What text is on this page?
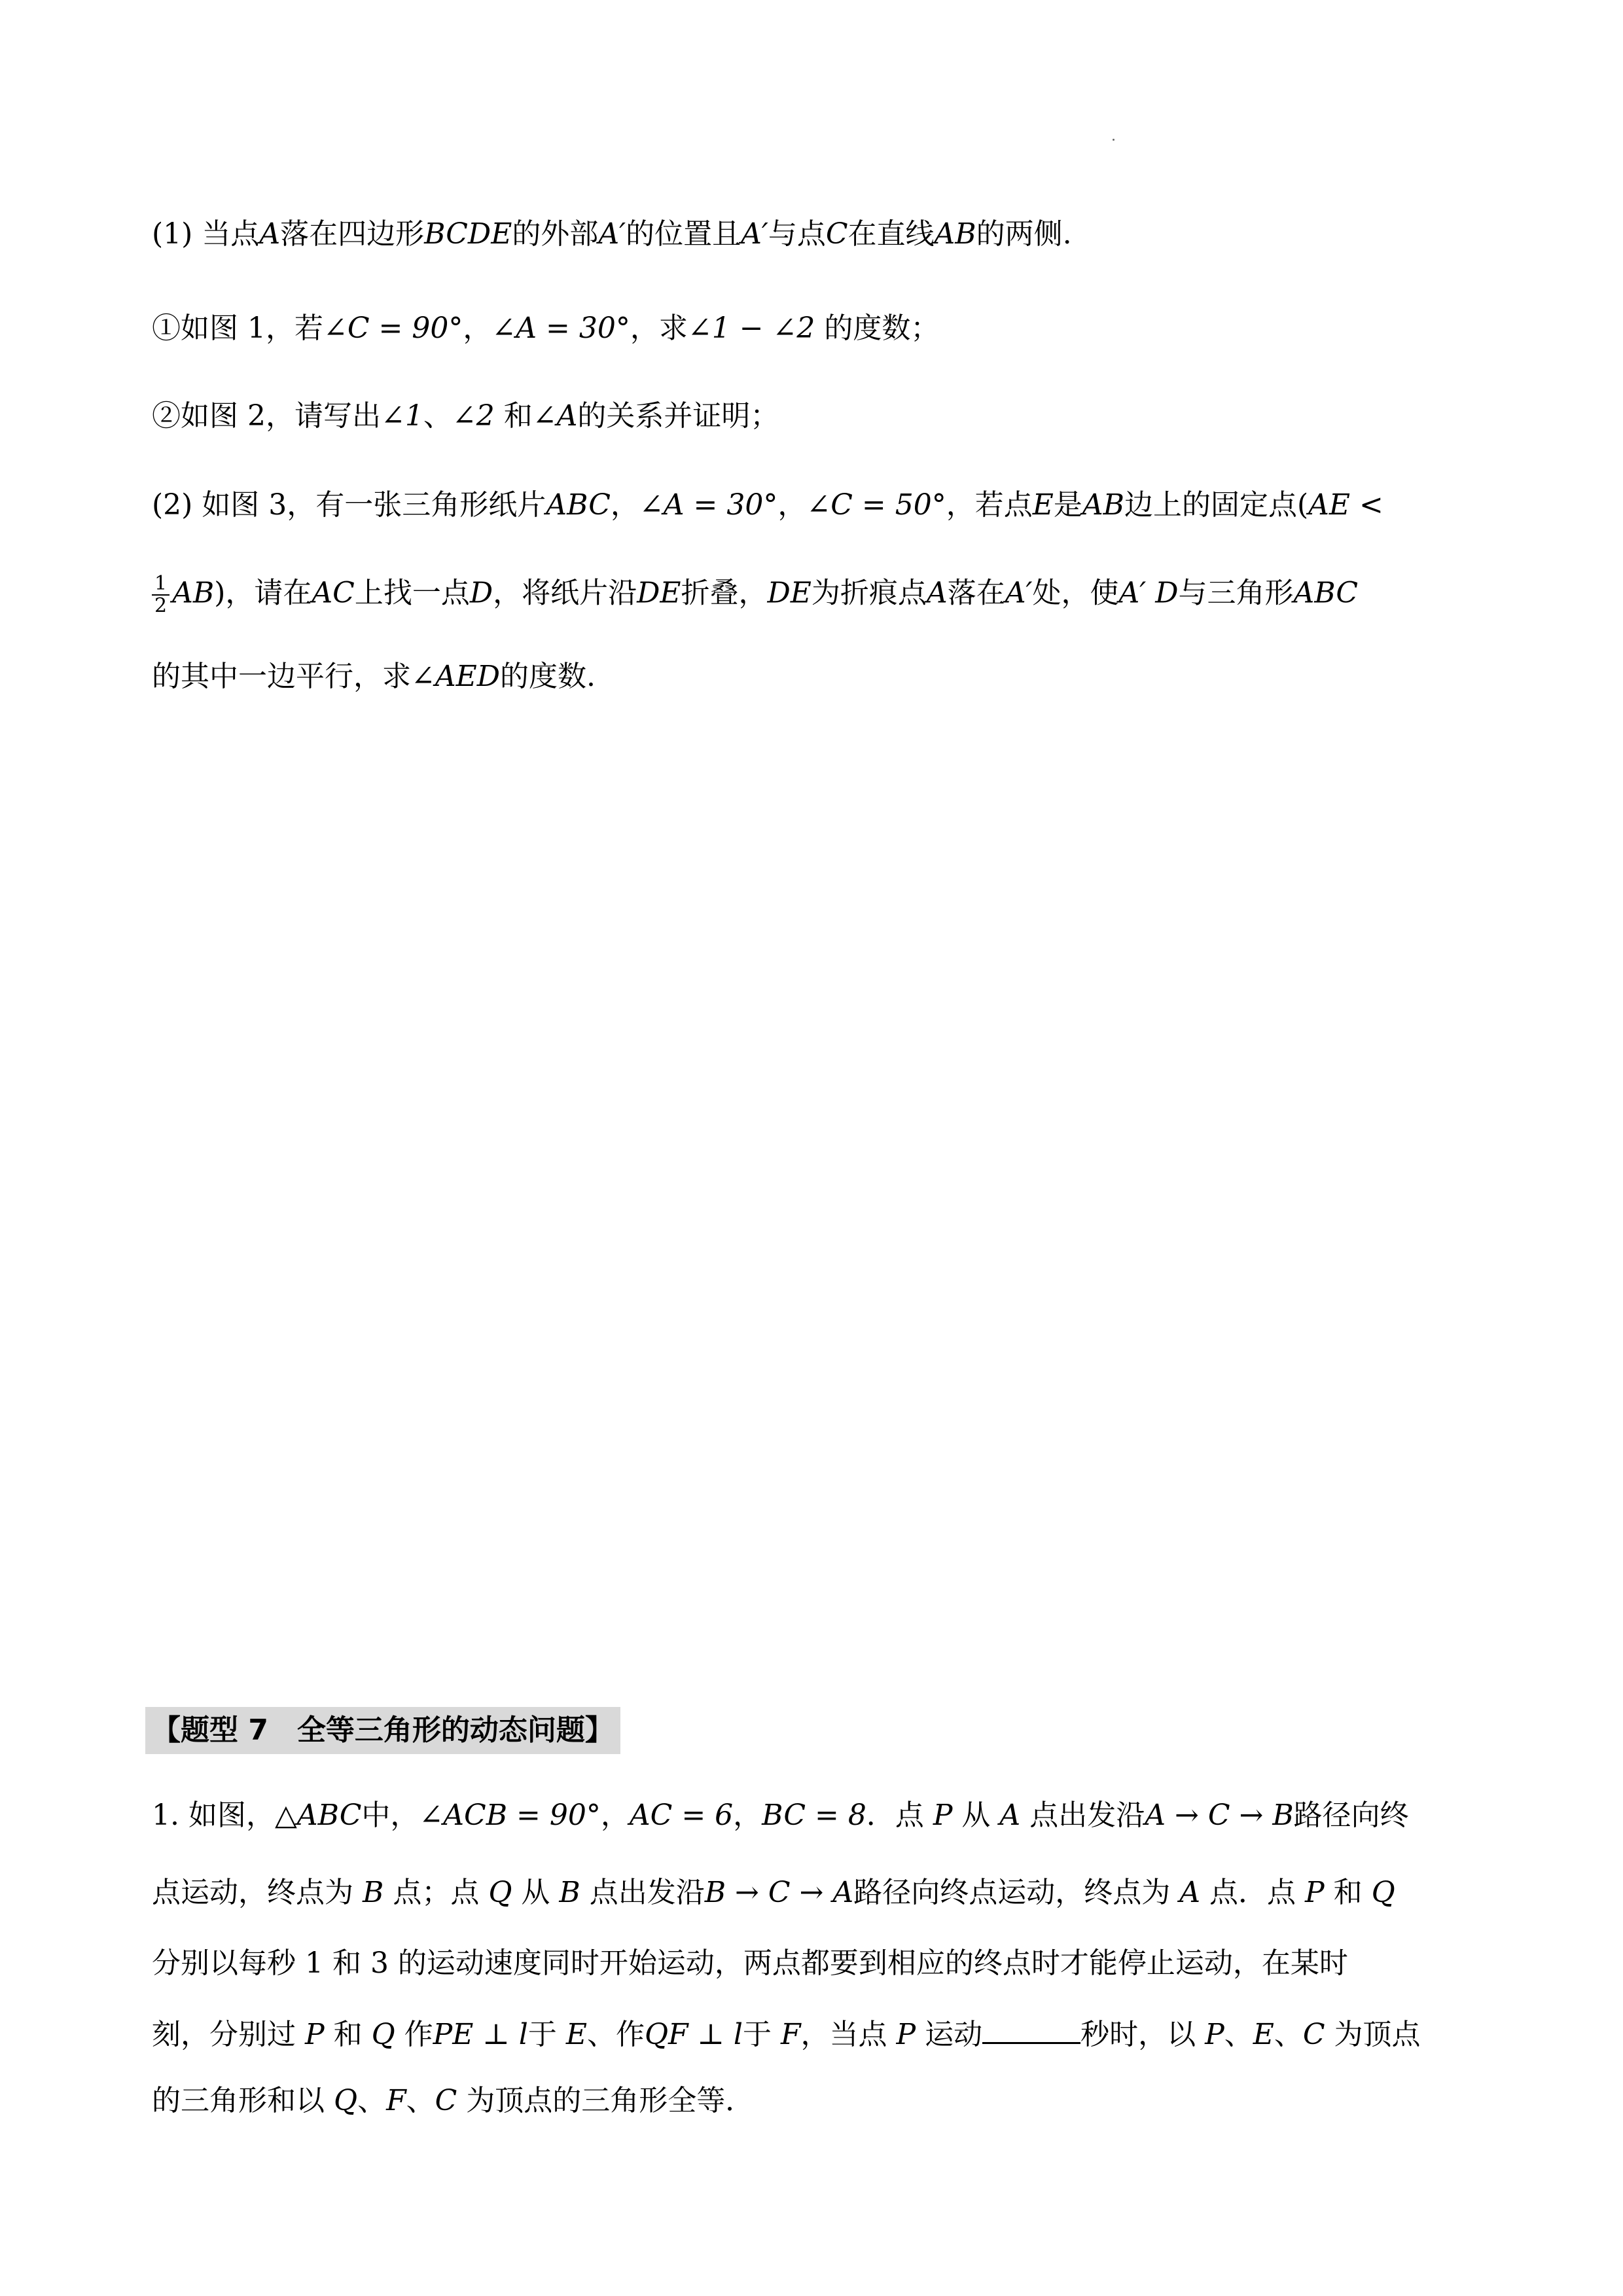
(1) 当点A落在四边形BCDE的外部A′的位置且A′与点C在直线AB的两侧.
①如图 1，若∠C = 90°，∠A = 30°，求∠1 − ∠2 的度数；
②如图 2，请写出∠1、∠2 和∠A的关系并证明；
(2) 如图 3，有一张三角形纸片ABC，∠A = 30°，∠C = 50°，若点E是AB边上的固定点(AE <
$\frac{1}{2} AB$)，请在AC上找一点D，将纸片沿DE折叠，DE为折痕点A落在A′处，使A′ D与三角形ABC
的其中一边平行，求∠AED的度数.
【题型 7　全等三角形的动态问题】
1. 如图，△ABC中，∠ACB = 90°，AC = 6，BC = 8．点 P 从 A 点出发沿A → C → B路径向终
点运动，终点为 B 点；点 Q 从 B 点出发沿B → C → A路径向终点运动，终点为 A 点．点 P 和 Q
分别以每秒 1 和 3 的运动速度同时开始运动，两点都要到相应的终点时才能停止运动，在某时
刻，分别过 P 和 Q 作PE ⊥ l于 E、作QF ⊥ l于 F，当点 P 运动	秒时，以 P、E、C 为顶点
的三角形和以 Q、F、C 为顶点的三角形全等．
